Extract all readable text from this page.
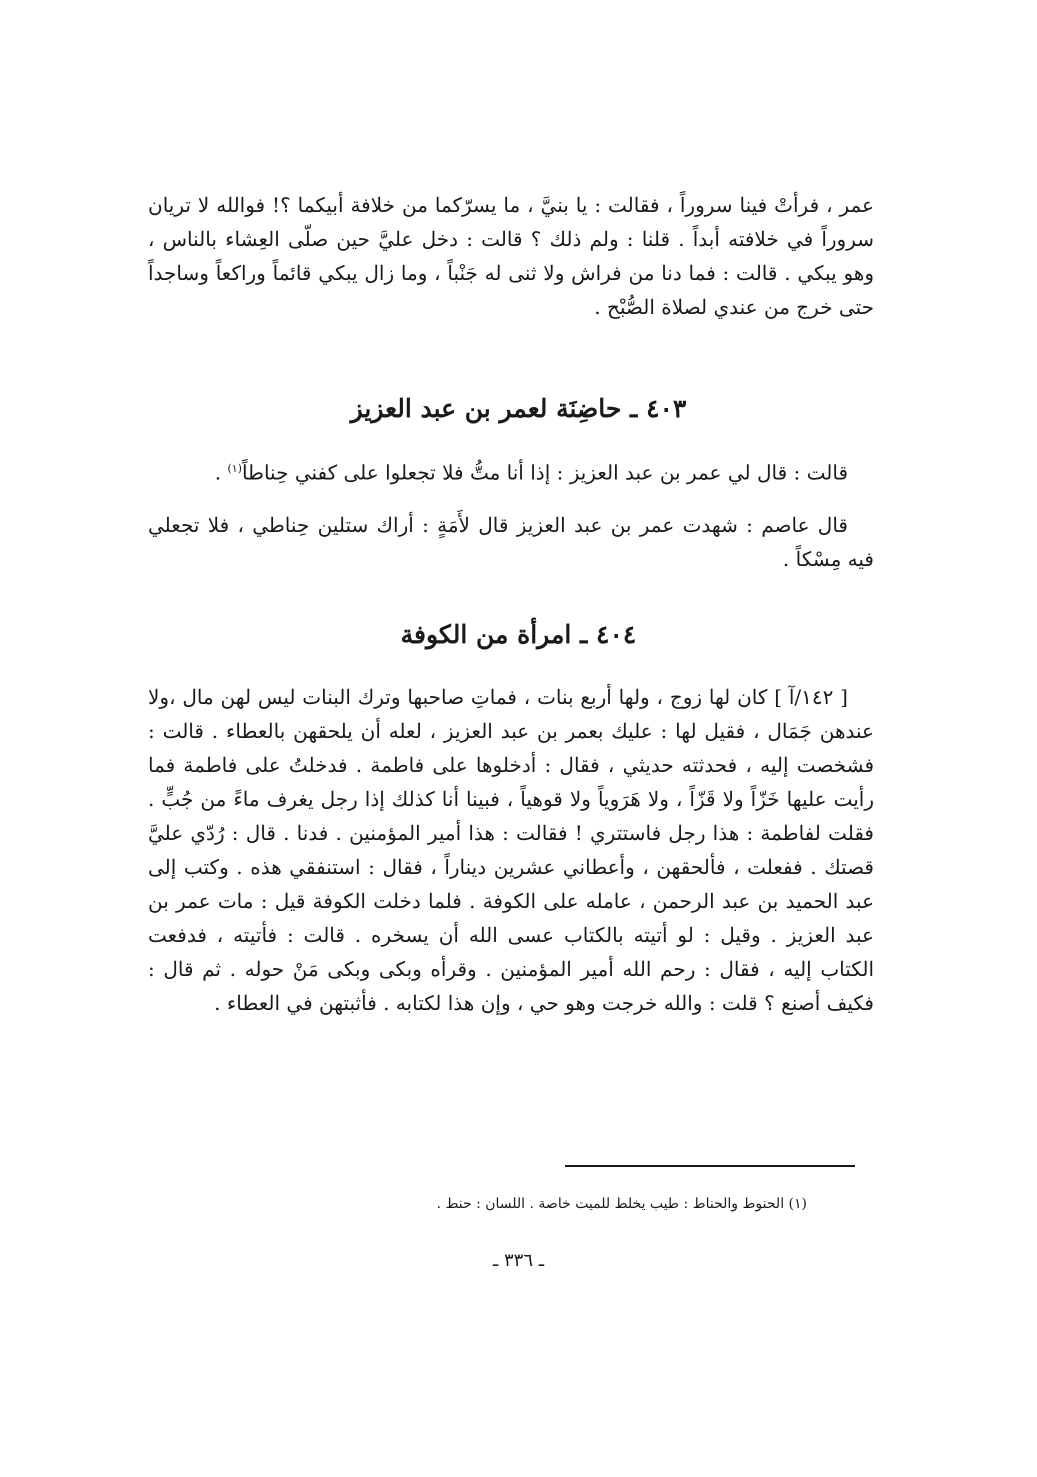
عمر ، فرأتْ فينا سروراً ، فقالت : يا بنيَّ ، ما يسرّكما من خلافة أبيكما ؟! فوالله لا تريان سروراً في خلافته أبداً . قلنا : ولم ذلك ؟ قالت : دخل عليَّ حين صلّى العِشاء بالناس ، وهو يبكي . قالت : فما دنا من فراش ولا ثنى له جَنْباً ، وما زال يبكي قائماً وراكعاً وساجداً حتى خرج من عندي لصلاة الصُّبْح .

٤٠٣ ـ حاضِنَة لعمر بن عبد العزيز

قالت : قال لي عمر بن عبد العزيز : إذا أنا متُّ فلا تجعلوا على كفني حِناطاً$^{(١)}$ .

قال عاصم : شهدت عمر بن عبد العزيز قال لأَمَةٍ : أراك ستلين حِناطي ، فلا تجعلي فيه مِسْكاً .

٤٠٤ ـ امرأة من الكوفة

[ ١٤٢/آ ] كان لها زوج ، ولها أربع بنات ، فماتِ صاحبها وترك البنات ليس لهن مال ،ولا عندهن جَمَال ، فقيل لها : عليك بعمر بن عبد العزيز ، لعله أن يلحقهن بالعطاء . قالت : فشخصت إليه ، فحدثته حديثي ، فقال : أدخلوها على فاطمة . فدخلتُ على فاطمة فما رأيت عليها خَزّاً ولا قَزّاً ، ولا هَرَوياً ولا قوهياً ، فبينا أنا كذلك إذا رجل يغرف ماءً من جُبٍّ . فقلت لفاطمة : هذا رجل فاستتري ! فقالت : هذا أمير المؤمنين . فدنا . قال : رُدّي عليَّ قصتك . ففعلت ، فألحقهن ، وأعطاني عشرين ديناراً ، فقال : استنفقي هذه . وكتب إلى عبد الحميد بن عبد الرحمن ، عامله على الكوفة . فلما دخلت الكوفة قيل : مات عمر بن عبد العزيز . وقيل : لو أتيته بالكتاب عسى الله أن يسخره . قالت : فأتيته ، فدفعت الكتاب إليه ، فقال : رحم الله أمير المؤمنين . وقرأه وبكى وبكى مَنْ حوله . ثم قال : فكيف أصنع ؟ قلت : والله خرجت وهو حي ، وإن هذا لكتابه . فأثبتهن في العطاء .

(١) الحنوط والحناط : طيب يخلط للميت خاصة . اللسان : حنط .

ـ ٣٣٦ ـ
